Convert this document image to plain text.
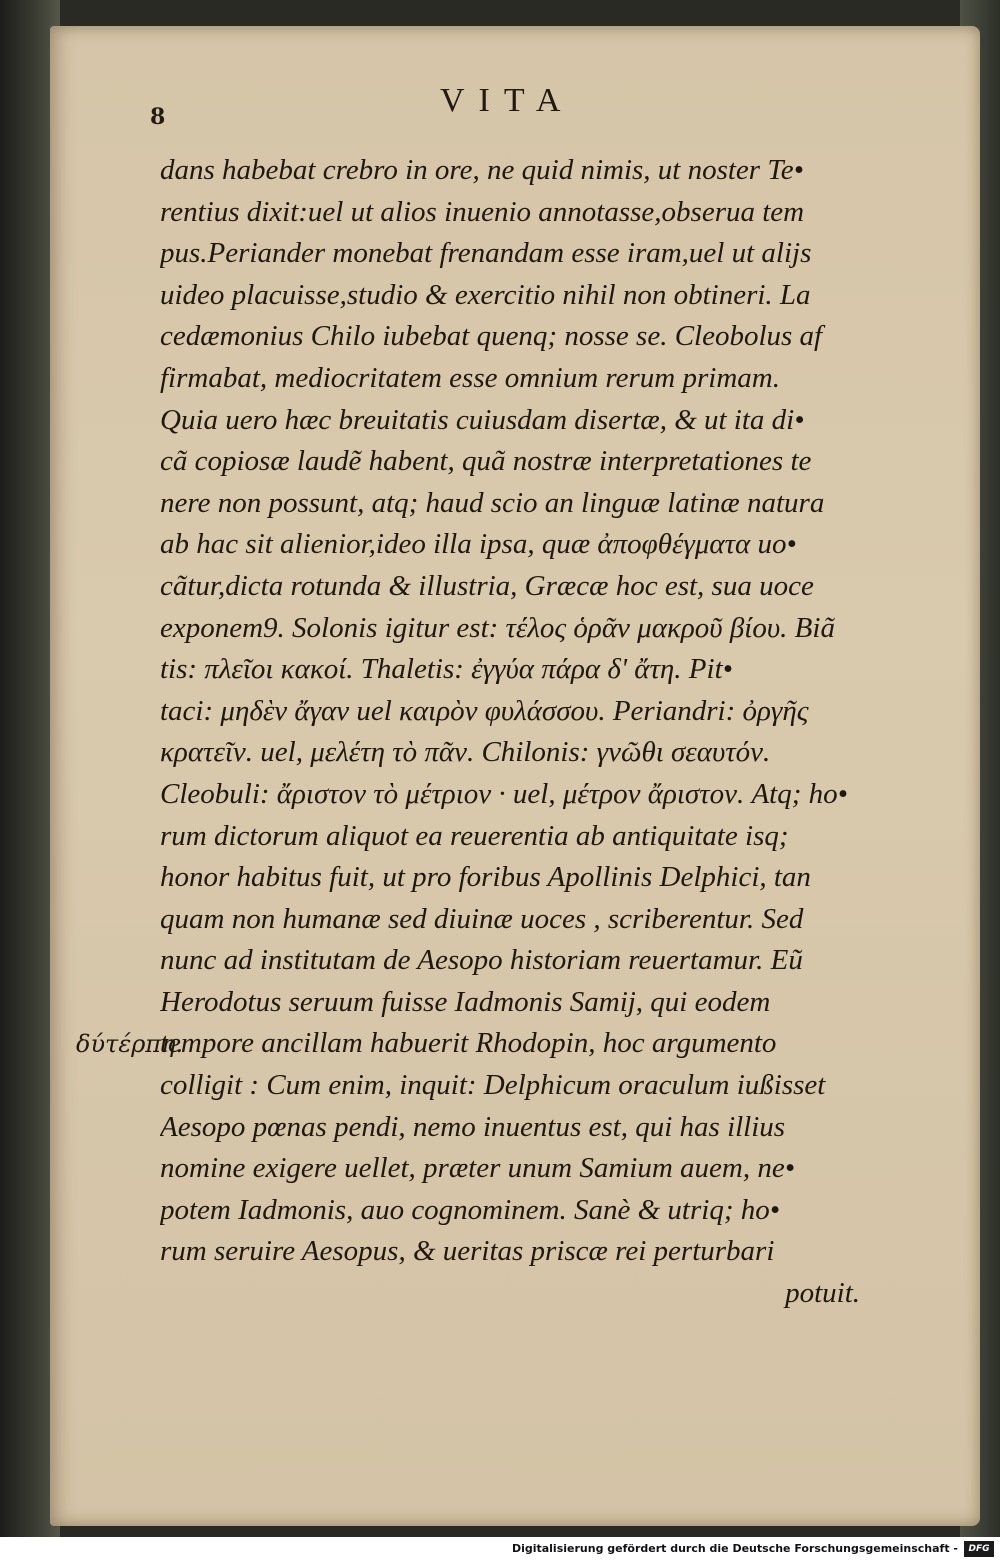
8	VITA
dans habebat crebro in ore, ne quid nimis, ut noster Te•
rentius dixit:uel ut alios inuenio annotasse,obserua tem
pus.Periander monebat frenandam esse iram,uel ut alijs
uideo placuisse,studio & exercitio nihil non obtineri. La
cedæmonius Chilo iubebat quenq; nosse se. Cleobolus af
firmabat, mediocritatem esse omnium rerum primam.
Quia uero hæc breuitatis cuiusdam disertæ, & ut ita di•
cã copiosæ laudẽ habent, quã nostræ interpretationes te
nere non possunt, atq; haud scio an linguæ latinæ natura
ab hac sit alienior,ideo illa ipsa, quæ ἀποφθέγματα uo•
cãtur,dicta rotunda & illustria, Græcæ hoc est, sua uoce
exponem9. Solonis igitur est: τέλος ὁρᾶν μακροῦ βίου. Biã
tis: πλεῖοι κακοί. Thaletis: ἐγγύα πάρα δ' ἄτη. Pit•
taci: μηδὲν ἄγαν uel καιρὸν φυλάσσου. Periandri: ὀργῆς
κρατεῖν. uel, μελέτη τὸ πᾶν. Chilonis: γνῶθι σεαυτόν.
Cleobuli: ἄριστον τὸ μέτριον · uel, μέτρον ἄριστον. Atq; ho•
rum dictorum aliquot ea reuerentia ab antiquitate isq;
honor habitus fuit, ut pro foribus Apollinis Delphici, tan
quam non humanæ sed diuinæ uoces , scriberentur. Sed
nunc ad institutam de Aesopo historiam reuertamur. Eũ
Herodotus seruum fuisse Iadmonis Samij, qui eodem
tempore ancillam habuerit Rhodopin, hoc argumento
colligit : Cum enim, inquit: Delphicum oraculum iußisset
Aesopo pœnas pendi, nemo inuentus est, qui has illius
nomine exigere uellet, præter unum Samium auem, ne•
potem Iadmonis, auo cognominem. Sanè & utriq; ho•
rum seruire Aesopus, & ueritas priscæ rei perturbari
potuit.
δύτέρπη.
Digitalisierung gefördert durch die Deutsche Forschungsgemeinschaft -	DFG
